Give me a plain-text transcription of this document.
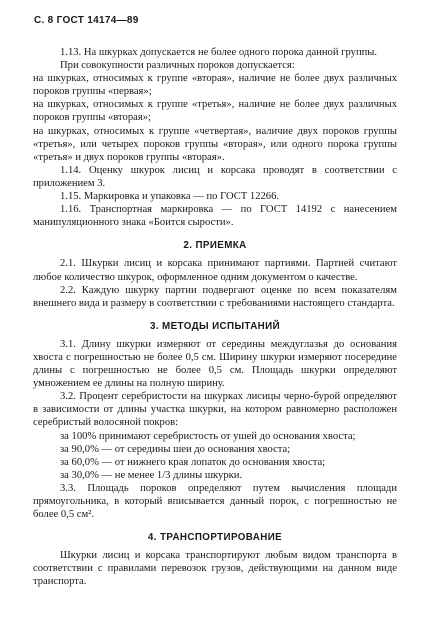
С. 8 ГОСТ 14174—89

1.13. На шкурках допускается не более одного порока данной группы.

При совокупности различных пороков допускается:

на шкурках, относимых к группе «вторая», наличие не более двух различных пороков группы «первая»;

на шкурках, относимых к группе «третья», наличие не более двух различных пороков группы «вторая»;

на шкурках, относимых к группе «четвертая», наличие двух пороков группы «третья», или четырех пороков группы «вторая», или одного порока группы «третья» и двух пороков группы «вторая».

1.14. Оценку шкурок лисиц и корсака проводят в соответствии с приложением 3.

1.15. Маркировка и упаковка — по ГОСТ 12266.

1.16. Транспортная маркировка — по ГОСТ 14192 с нанесением манипуляционного знака «Боится сырости».

2. ПРИЕМКА

2.1. Шкурки лисиц и корсака принимают партиями. Партией считают любое количество шкурок, оформленное одним документом о качестве.

2.2. Каждую шкурку партии подвергают оценке по всем показателям внешнего вида и размеру в соответствии с требованиями настоящего стандарта.

3. МЕТОДЫ ИСПЫТАНИЙ

3.1. Длину шкурки измеряют от середины междуглазья до основания хвоста с погрешностью не более 0,5 см. Ширину шкурки измеряют посередине длины с погрешностью не более 0,5 см. Площадь шкурки определяют умножением ее длины на полную ширину.

3.2. Процент серебристости на шкурках лисицы черно-бурой определяют в зависимости от длины участка шкурки, на котором равномерно расположен серебристый волосяной покров:

за 100% принимают серебристость от ушей до основания хвоста;

за 90,0% — от середины шеи до основания хвоста;

за 60,0% — от нижнего края лопаток до основания хвоста;

за 30,0% — не менее 1/3 длины шкурки.

3.3. Площадь пороков определяют путем вычисления площади прямоугольника, в который вписывается данный порок, с погрешностью не более 0,5 см².

4. ТРАНСПОРТИРОВАНИЕ

Шкурки лисиц и корсака транспортируют любым видом транспорта в соответствии с правилами перевозок грузов, действующими на данном виде транспорта.
